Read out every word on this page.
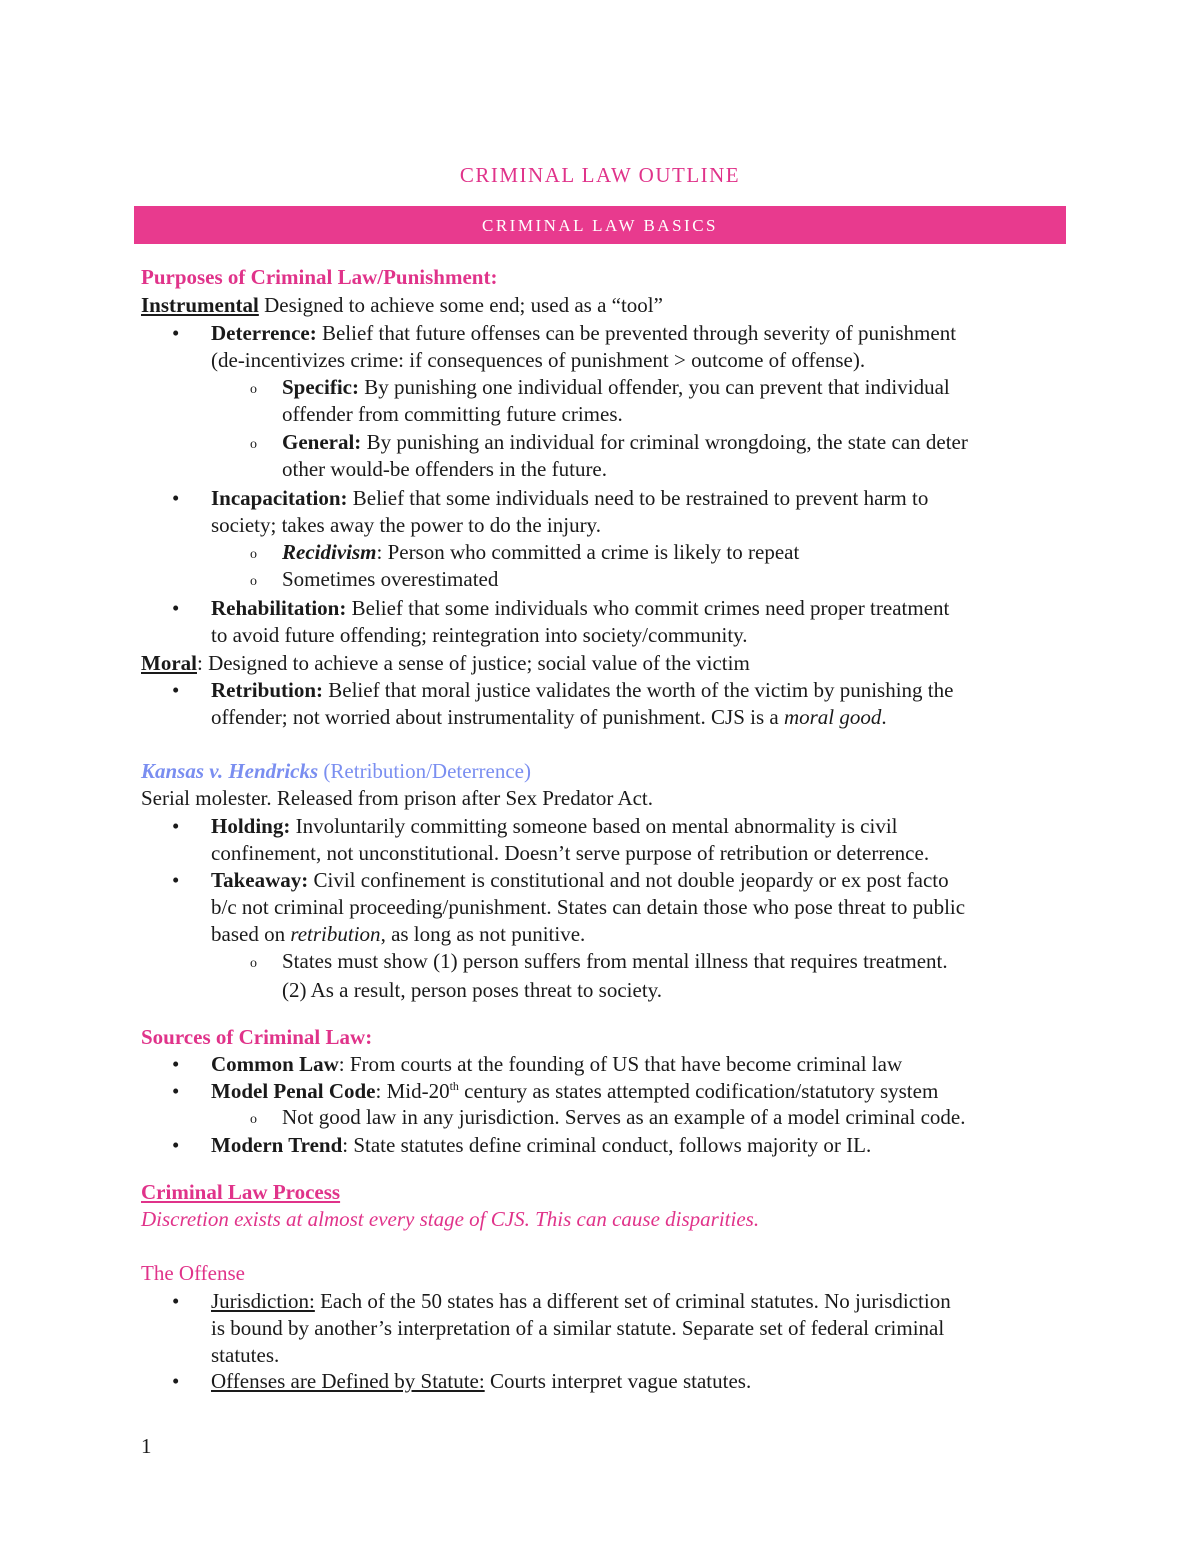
CRIMINAL LAW OUTLINE
CRIMINAL LAW BASICS
Purposes of Criminal Law/Punishment:
Instrumental Designed to achieve some end; used as a “tool”
• Deterrence: Belief that future offenses can be prevented through severity of punishment
(de-incentivizes crime: if consequences of punishment > outcome of offense).
o Specific: By punishing one individual offender, you can prevent that individual
offender from committing future crimes.
o General: By punishing an individual for criminal wrongdoing, the state can deter
other would-be offenders in the future.
• Incapacitation: Belief that some individuals need to be restrained to prevent harm to
society; takes away the power to do the injury.
o Recidivism: Person who committed a crime is likely to repeat
o Sometimes overestimated
• Rehabilitation: Belief that some individuals who commit crimes need proper treatment
to avoid future offending; reintegration into society/community.
Moral: Designed to achieve a sense of justice; social value of the victim
• Retribution: Belief that moral justice validates the worth of the victim by punishing the
offender; not worried about instrumentality of punishment. CJS is a moral good.
Kansas v. Hendricks (Retribution/Deterrence)
Serial molester. Released from prison after Sex Predator Act.
• Holding: Involuntarily committing someone based on mental abnormality is civil
confinement, not unconstitutional. Doesn’t serve purpose of retribution or deterrence.
• Takeaway: Civil confinement is constitutional and not double jeopardy or ex post facto
b/c not criminal proceeding/punishment. States can detain those who pose threat to public
based on retribution, as long as not punitive.
o States must show (1) person suffers from mental illness that requires treatment.
(2) As a result, person poses threat to society.
Sources of Criminal Law:
• Common Law: From courts at the founding of US that have become criminal law
• Model Penal Code: Mid-20th century as states attempted codification/statutory system
o Not good law in any jurisdiction. Serves as an example of a model criminal code.
• Modern Trend: State statutes define criminal conduct, follows majority or IL.
Criminal Law Process
Discretion exists at almost every stage of CJS. This can cause disparities.
The Offense
• Jurisdiction: Each of the 50 states has a different set of criminal statutes. No jurisdiction
is bound by another’s interpretation of a similar statute. Separate set of federal criminal
statutes.
• Offenses are Defined by Statute: Courts interpret vague statutes.
1
